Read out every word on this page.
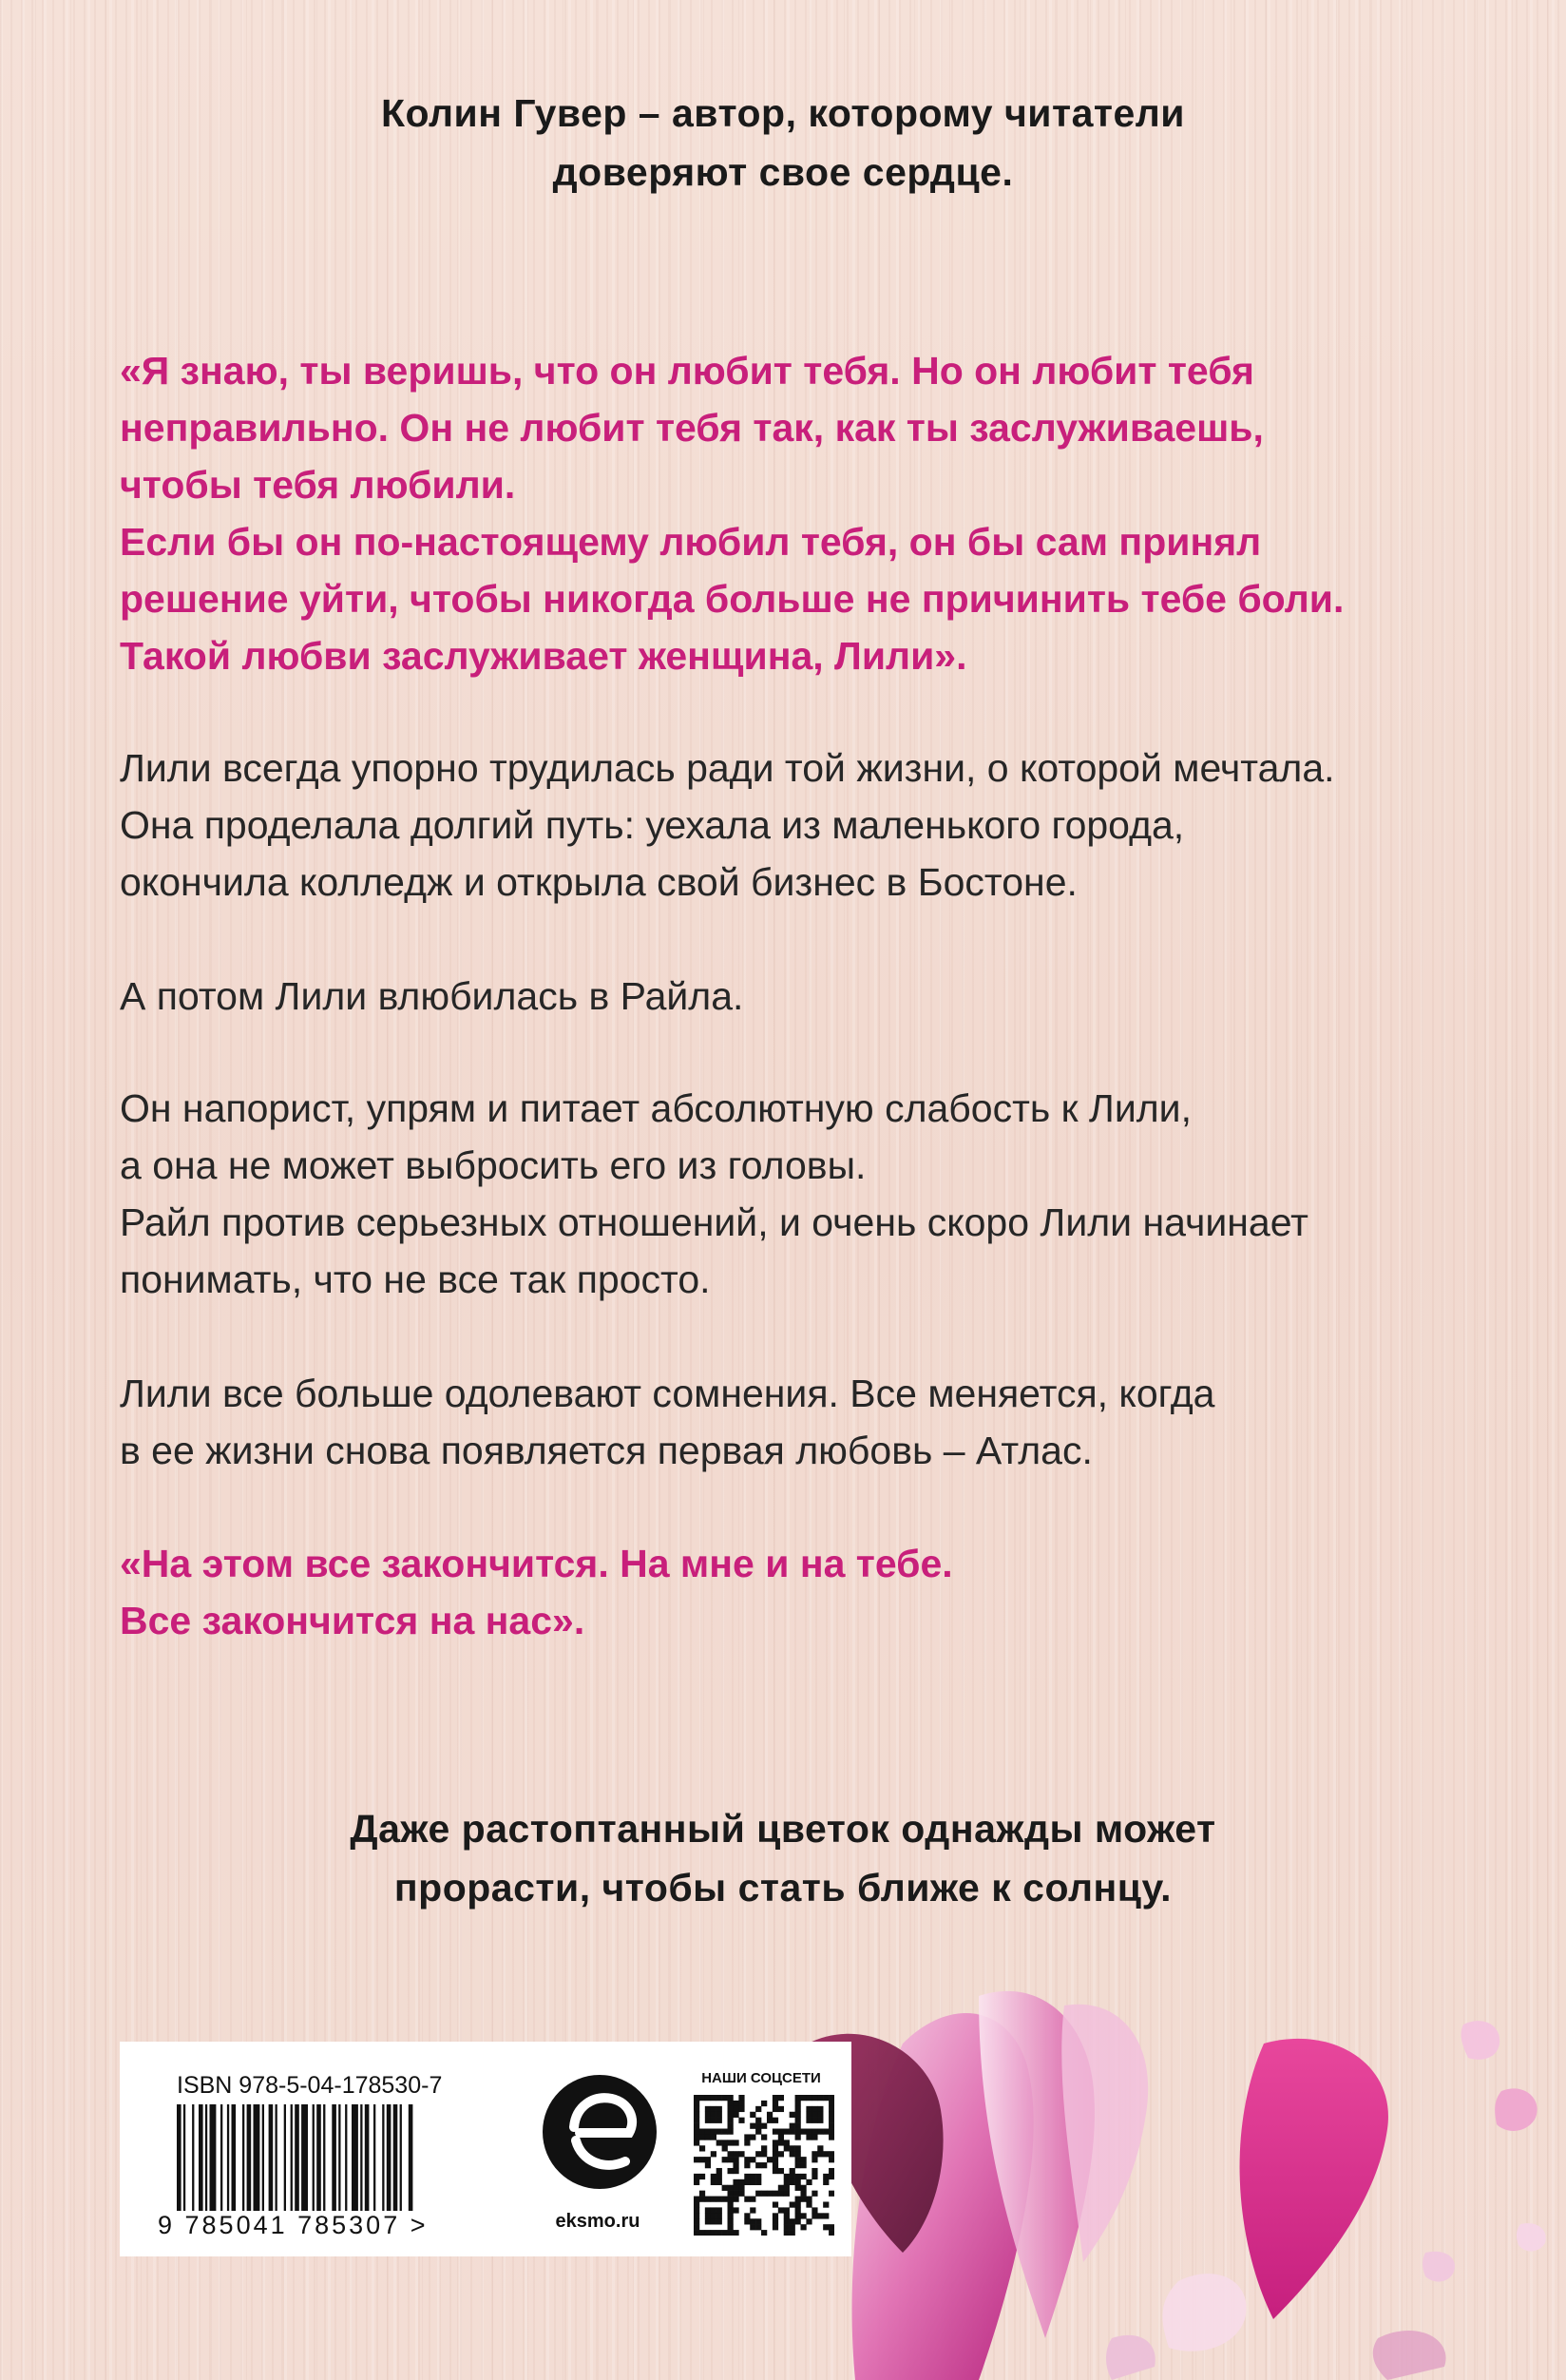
Колин Гувер – автор, которому читатели
доверяют свое сердце.
«Я знаю, ты веришь, что он любит тебя. Но он любит тебя
неправильно. Он не любит тебя так, как ты заслуживаешь,
чтобы тебя любили.
Если бы он по-настоящему любил тебя, он бы сам принял
решение уйти, чтобы никогда больше не причинить тебе боли.
Такой любви заслуживает женщина, Лили».
Лили всегда упорно трудилась ради той жизни, о которой мечтала.
Она проделала долгий путь: уехала из маленького города,
окончила колледж и открыла свой бизнес в Бостоне.
А потом Лили влюбилась в Райла.
Он напорист, упрям и питает абсолютную слабость к Лили,
а она не может выбросить его из головы.
Райл против серьезных отношений, и очень скоро Лили начинает
понимать, что не все так просто.
Лили все больше одолевают сомнения. Все меняется, когда
в ее жизни снова появляется первая любовь – Атлас.
«На этом все закончится. На мне и на тебе.
Все закончится на нас».
Даже растоптанный цветок однажды может
прорасти, чтобы стать ближе к солнцу.
ISBN 978-5-04-178530-7
9 785041 785307 >	eksmo.ru
НАШИ СОЦСЕТИ
